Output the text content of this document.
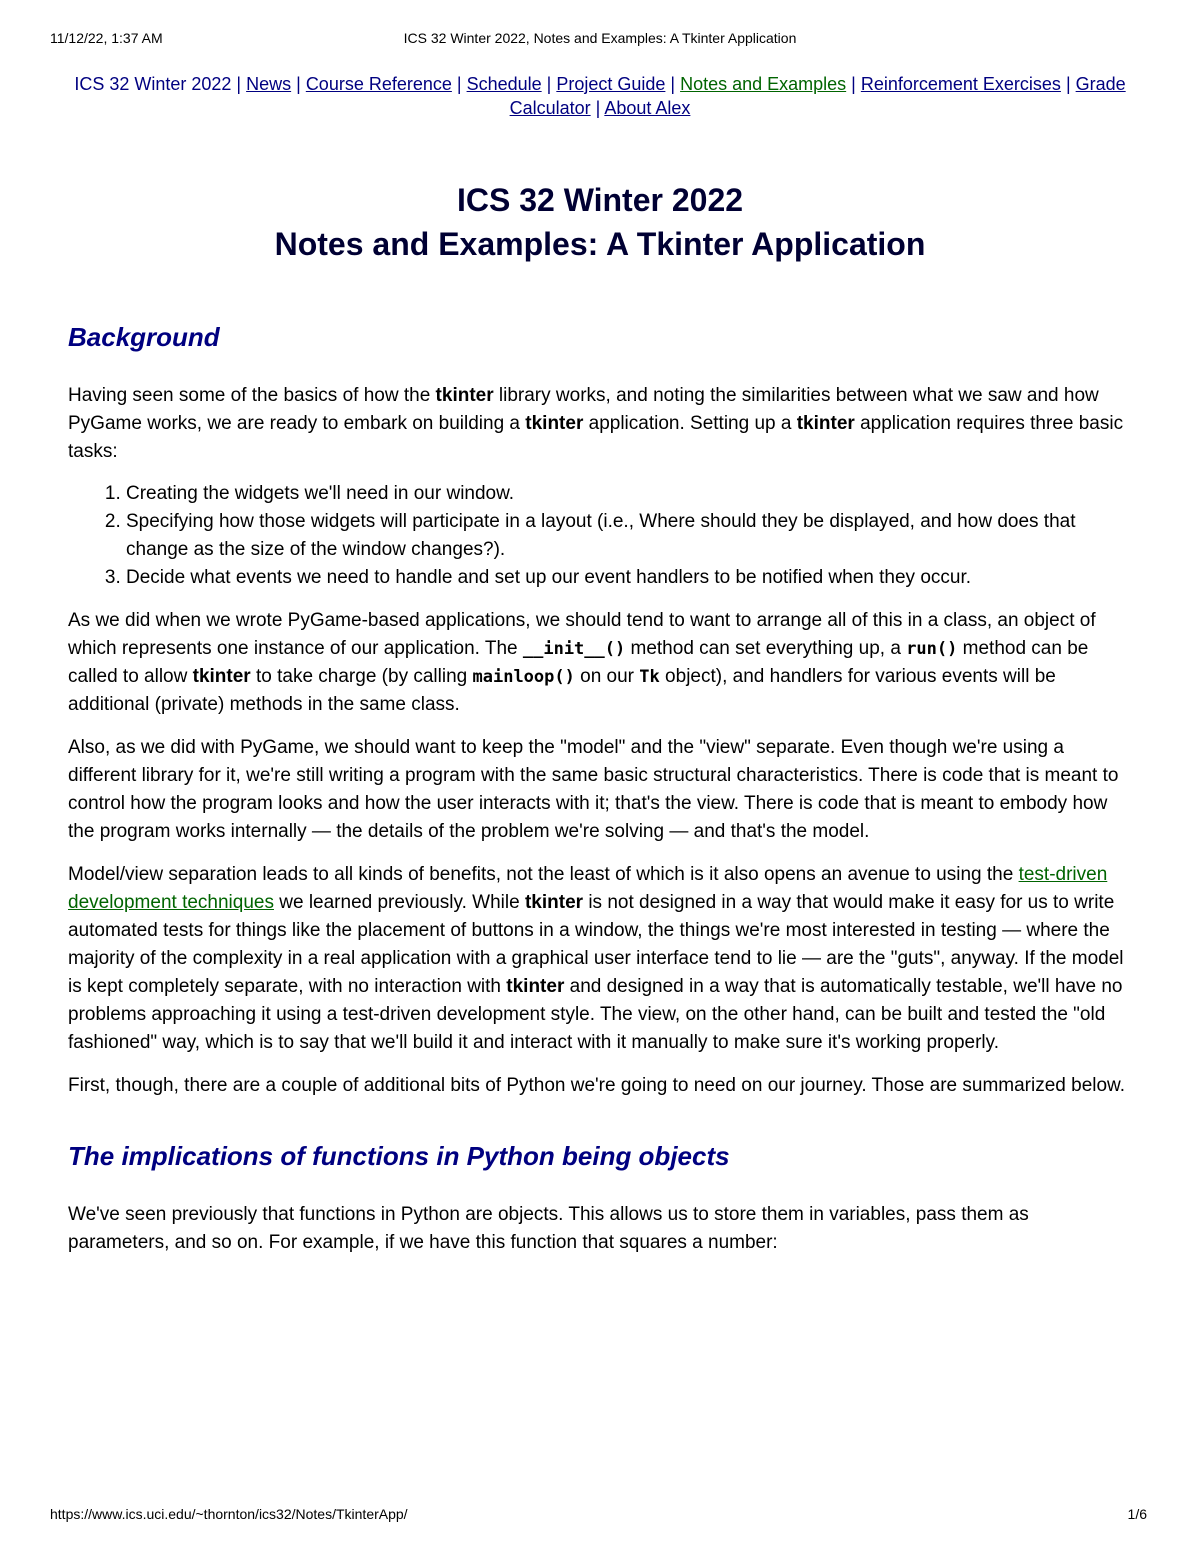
11/12/22, 1:37 AM	ICS 32 Winter 2022, Notes and Examples: A Tkinter Application
ICS 32 Winter 2022 | News | Course Reference | Schedule | Project Guide | Notes and Examples | Reinforcement Exercises | Grade Calculator | About Alex
ICS 32 Winter 2022
Notes and Examples: A Tkinter Application
Background

Having seen some of the basics of how the tkinter library works, and noting the similarities between what we saw and how PyGame works, we are ready to embark on building a tkinter application. Setting up a tkinter application requires three basic tasks:

1. Creating the widgets we'll need in our window.
2. Specifying how those widgets will participate in a layout (i.e., Where should they be displayed, and how does that change as the size of the window changes?).
3. Decide what events we need to handle and set up our event handlers to be notified when they occur.

As we did when we wrote PyGame-based applications, we should tend to want to arrange all of this in a class, an object of which represents one instance of our application. The __init__() method can set everything up, a run() method can be called to allow tkinter to take charge (by calling mainloop() on our Tk object), and handlers for various events will be additional (private) methods in the same class.

Also, as we did with PyGame, we should want to keep the "model" and the "view" separate. Even though we're using a different library for it, we're still writing a program with the same basic structural characteristics. There is code that is meant to control how the program looks and how the user interacts with it; that's the view. There is code that is meant to embody how the program works internally — the details of the problem we're solving — and that's the model.

Model/view separation leads to all kinds of benefits, not the least of which is it also opens an avenue to using the test-driven development techniques we learned previously. While tkinter is not designed in a way that would make it easy for us to write automated tests for things like the placement of buttons in a window, the things we're most interested in testing — where the majority of the complexity in a real application with a graphical user interface tend to lie — are the "guts", anyway. If the model is kept completely separate, with no interaction with tkinter and designed in a way that is automatically testable, we'll have no problems approaching it using a test-driven development style. The view, on the other hand, can be built and tested the "old fashioned" way, which is to say that we'll build it and interact with it manually to make sure it's working properly.

First, though, there are a couple of additional bits of Python we're going to need on our journey. Those are summarized below.

The implications of functions in Python being objects

We've seen previously that functions in Python are objects. This allows us to store them in variables, pass them as parameters, and so on. For example, if we have this function that squares a number:

https://www.ics.uci.edu/~thornton/ics32/Notes/TkinterApp/	1/6
